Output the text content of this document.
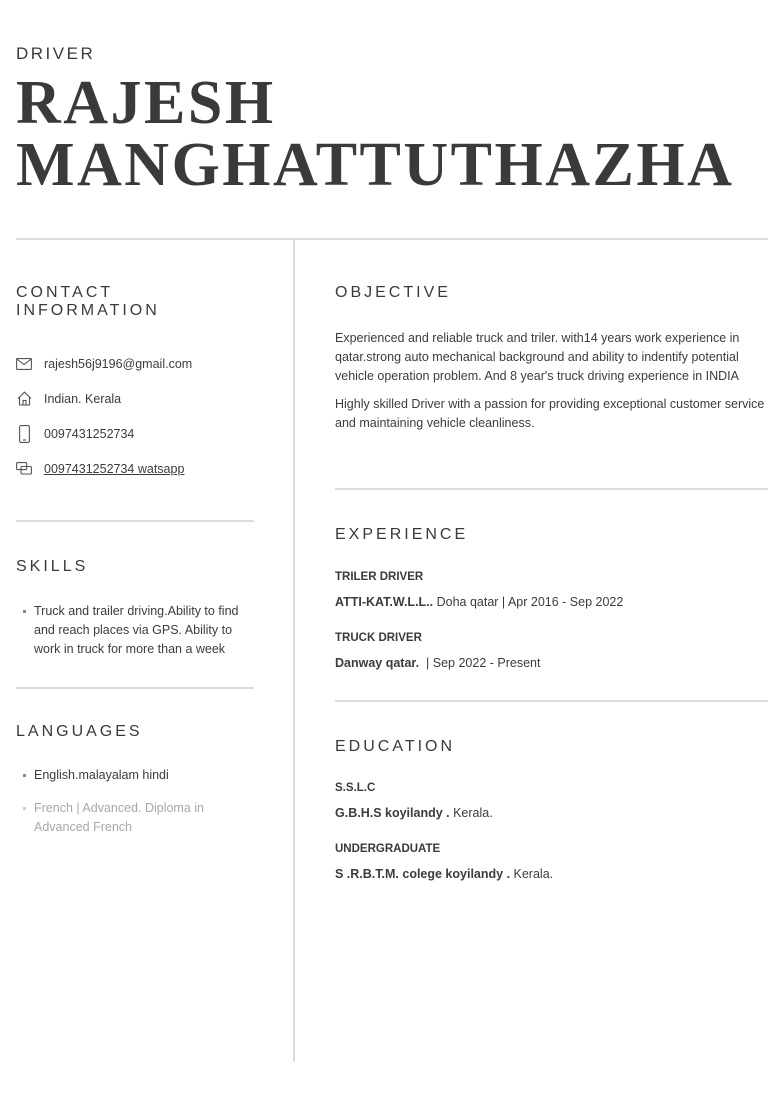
DRIVER
RAJESH
MANGHATTUTHAZHA
CONTACT INFORMATION
rajesh56j9196@gmail.com
Indian. Kerala
0097431252734
0097431252734 watsapp
SKILLS
Truck and trailer driving.Ability to find and reach places via GPS. Ability to work in truck for more than a week
LANGUAGES
English.malayalam hindi
French | Advanced. Diploma in Advanced French
OBJECTIVE

Experienced and reliable truck and triler. with14 years work experience in qatar.strong auto mechanical background and ability to indentify potential vehicle operation problem. And 8 year's truck driving experience in INDIA

Highly skilled Driver with a passion for providing exceptional customer service and maintaining vehicle cleanliness.

EXPERIENCE
TRILER DRIVER
ATTI-KAT.W.L.L.. Doha qatar | Apr 2016 - Sep 2022
TRUCK DRIVER
Danway qatar.  | Sep 2022 - Present
EDUCATION
S.S.L.C
G.B.H.S koyilandy . Kerala.
UNDERGRADUATE
S .R.B.T.M. colege koyilandy . Kerala.
